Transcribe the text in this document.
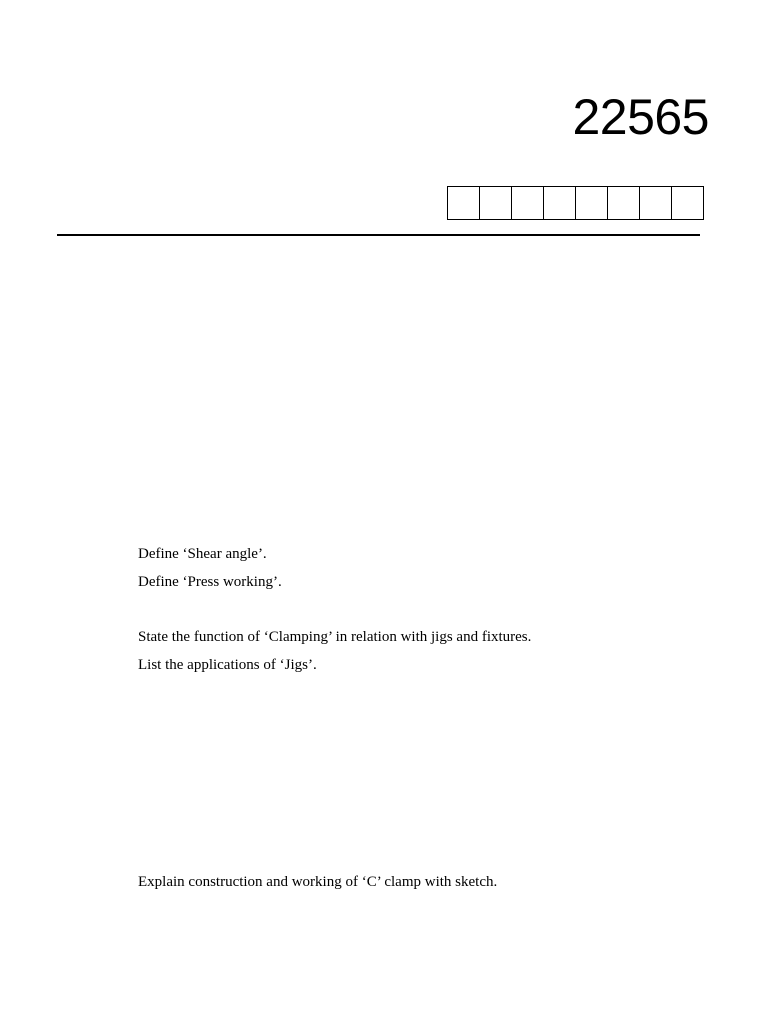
22565
Define ‘Shear angle’.
Define ‘Press working’.
State the function of ‘Clamping’ in relation with jigs and fixtures.
List the applications of ‘Jigs’.
Explain construction and working of ‘C’ clamp with sketch.
